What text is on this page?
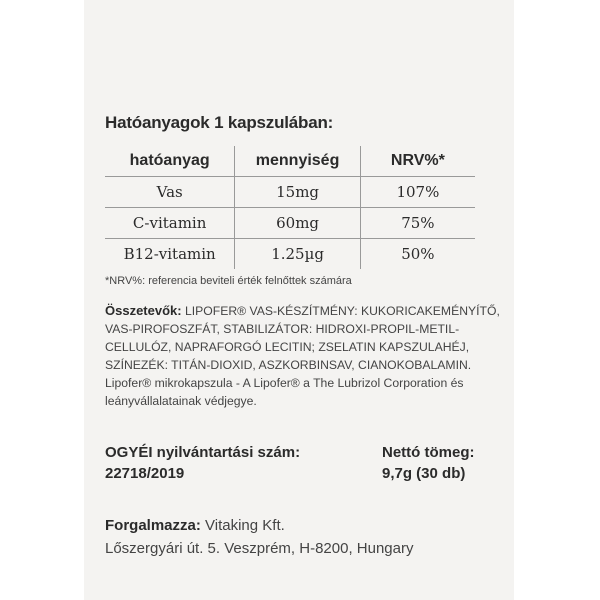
Hatóanyagok 1 kapszulában:
hatóanyag	mennyiség	NRV%*
Vas	15mg	107%
C-vitamin	60mg	75%
B12-vitamin	1.25µg	50%
*NRV%: referencia beviteli érték felnőttek számára
Összetevők: LIPOFER® VAS-KÉSZÍTMÉNY: KUKORICAKEMÉNYÍTŐ, VAS-PIROFOSZFÁT, STABILIZÁTOR: HIDROXI-PROPIL-METIL-CELLULÓZ, NAPRAFORGÓ LECITIN; ZSELATIN KAPSZULAHÉJ, SZÍNEZÉK: TITÁN-DIOXID, ASZKORBINSAV, CIANOKOBALAMIN.
Lipofer® mikrokapszula - A Lipofer® a The Lubrizol Corporation és leányvállalatainak védjegye.
OGYÉI nyilvántartási szám:
22718/2019
Nettó tömeg:
9,7g (30 db)
Forgalmazza: Vitaking Kft.
Lőszergyári út. 5. Veszprém, H-8200, Hungary
